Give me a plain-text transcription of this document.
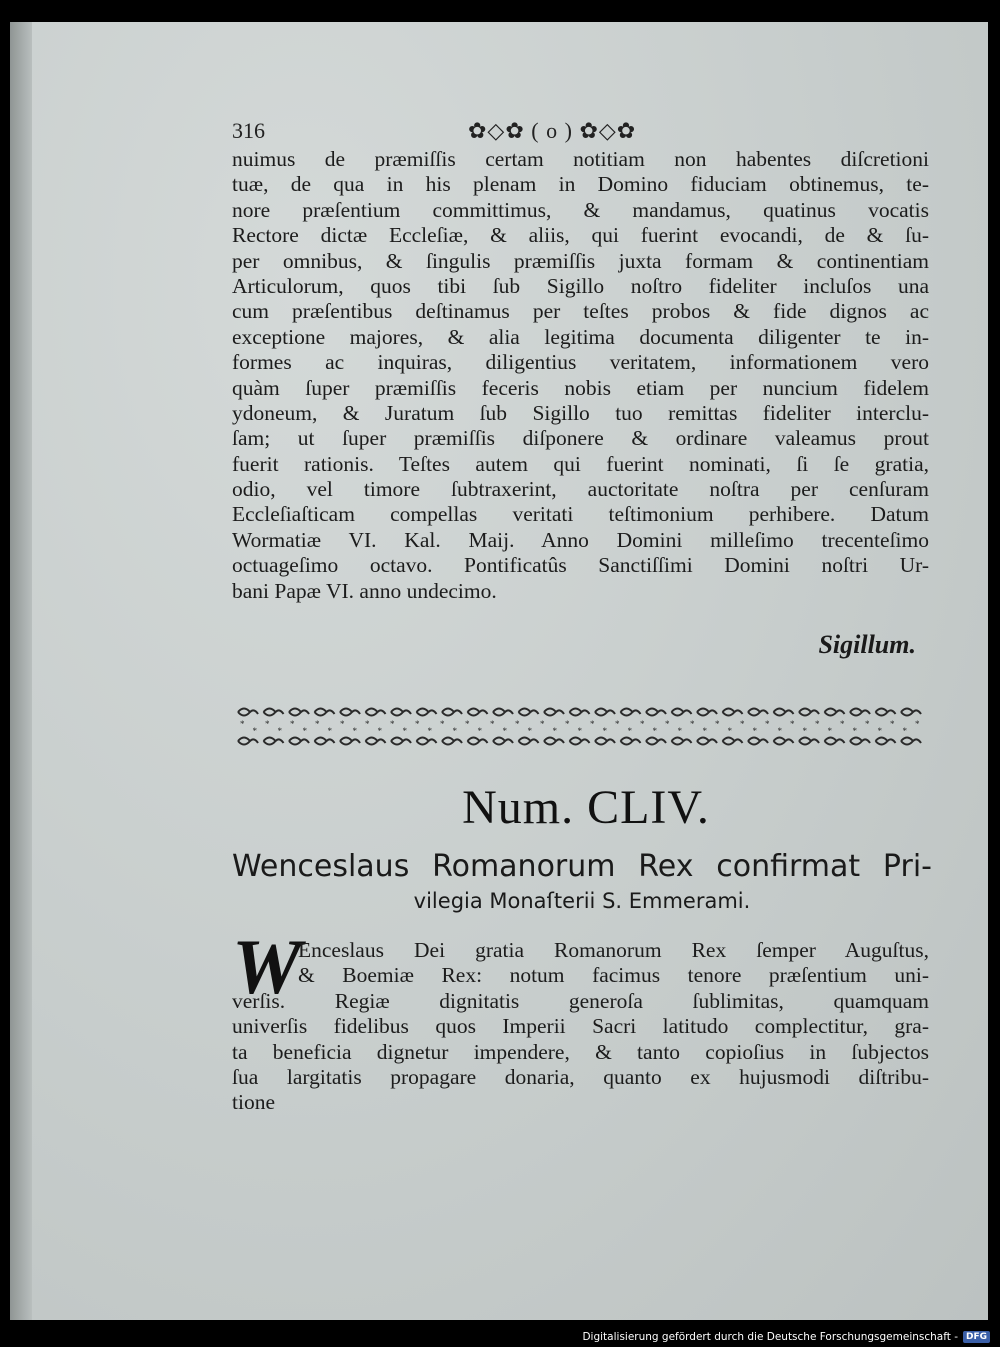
316	✿◇✿ ( o ) ✿◇✿
nuimus de præmiſſis certam notitiam non habentes diſcretioni
tuæ, de qua in his plenam in Domino fiduciam obtinemus, te-
nore præſentium committimus, & mandamus, quatinus vocatis
Rectore dictæ Eccleſiæ, & aliis, qui fuerint evocandi, de & ſu-
per omnibus, & ſingulis præmiſſis juxta formam & continentiam
Articulorum, quos tibi ſub Sigillo noſtro fideliter incluſos una
cum præſentibus deſtinamus per teſtes probos & fide dignos ac
exceptione majores, & alia legitima documenta diligenter te in-
formes ac inquiras, diligentius veritatem, informationem vero
quàm ſuper præmiſſis feceris nobis etiam per nuncium fidelem
ydoneum, & Juratum ſub Sigillo tuo remittas fideliter interclu-
ſam; ut ſuper præmiſſis diſponere & ordinare valeamus prout
fuerit rationis. Teſtes autem qui fuerint nominati, ſi ſe gratia,
odio, vel timore ſubtraxerint, auctoritate noſtra per cenſuram
Eccleſiaſticam compellas veritati teſtimonium perhibere. Datum
Wormatiæ VI. Kal. Maij. Anno Domini milleſimo trecenteſimo
octuageſimo octavo. Pontificatûs Sanctiſſimi Domini noſtri Ur-
bani Papæ VI. anno undecimo.
Sigillum.
*
*
*
*
*
*
*
*
*
*
*
*
*
*
*
*
*
*
*
*
*
*
*
*
*
*
*
*
*
*
*
*
*
*
*
*
*
*
*
*
*
*
*
*
*
*
*
*
*
*
*
*
*
*
*
Num. CLIV.
Wenceslaus Romanorum Rex confirmat Pri-
vilegia Monaſterii S. Emmerami.
W
Enceslaus Dei gratia Romanorum Rex ſemper Auguſtus,
& Boemiæ Rex: notum facimus tenore præſentium uni-
verſis. Regiæ dignitatis generoſa ſublimitas, quamquam
univerſis fidelibus quos Imperii Sacri latitudo complectitur, gra-
ta beneficia dignetur impendere, & tanto copioſius in ſubjectos
ſua largitatis propagare donaria, quanto ex hujusmodi diſtribu-
tione
Digitalisierung gefördert durch die Deutsche Forschungsgemeinschaft - DFG
